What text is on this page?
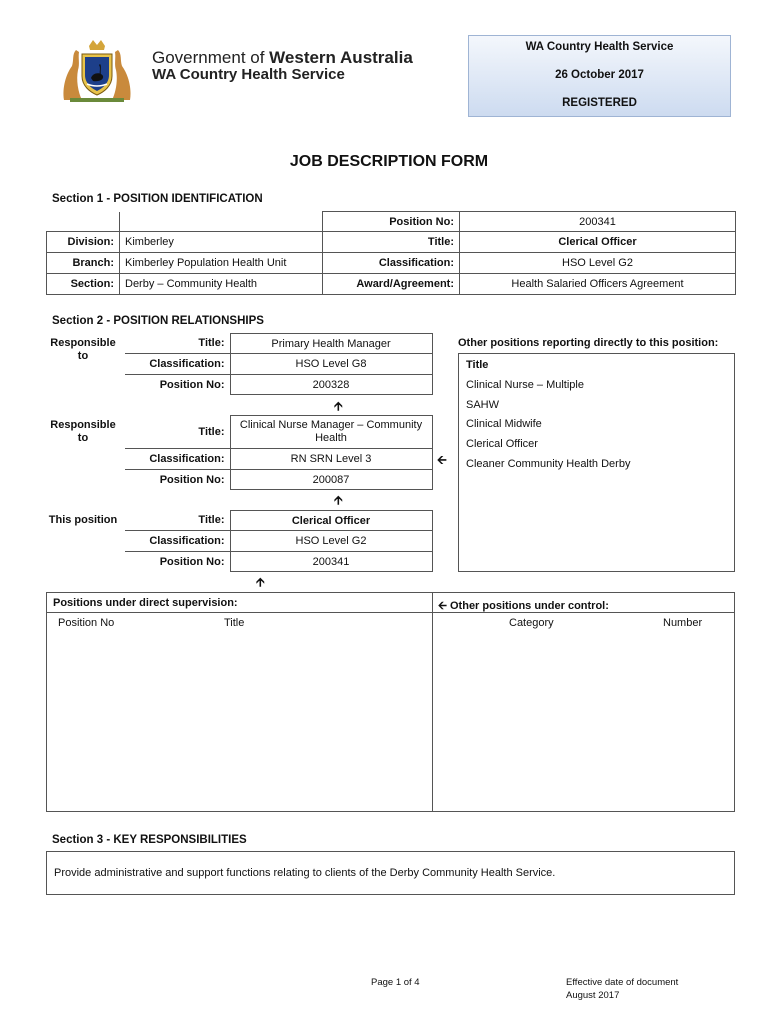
Government of Western Australia
WA Country Health Service
WA Country Health Service
26 October 2017
REGISTERED
JOB DESCRIPTION FORM
Section 1 - POSITION IDENTIFICATION
		Position No:	200341
Division:	Kimberley	Title:	Clerical Officer
Branch:	Kimberley Population Health Unit	Classification:	HSO Level G2
Section:	Derby – Community Health	Award/Agreement:	Health Salaried Officers Agreement
Section 2 - POSITION RELATIONSHIPS
Responsible to
Responsible to
This position
Title:	Primary Health Manager
Classification:	HSO Level G8
Position No:	200328
🡩
Title:	Clinical Nurse Manager – Community Health
Classification:	RN SRN Level 3
Position No:	200087
🡨
🡩
Title:	Clerical Officer
Classification:	HSO Level G2
Position No:	200341
🡩
Other positions reporting directly to this position:
Title
Clinical Nurse – Multiple
SAHW
Clinical Midwife
Clerical Officer
Cleaner Community Health Derby
Positions under direct supervision:	🡨 Other positions under control:
Position No	Title	Category	Number
Section 3 - KEY RESPONSIBILITIES
Provide administrative and support functions relating to clients of the Derby Community Health Service.
Page 1 of 4	Effective date of document
August 2017
